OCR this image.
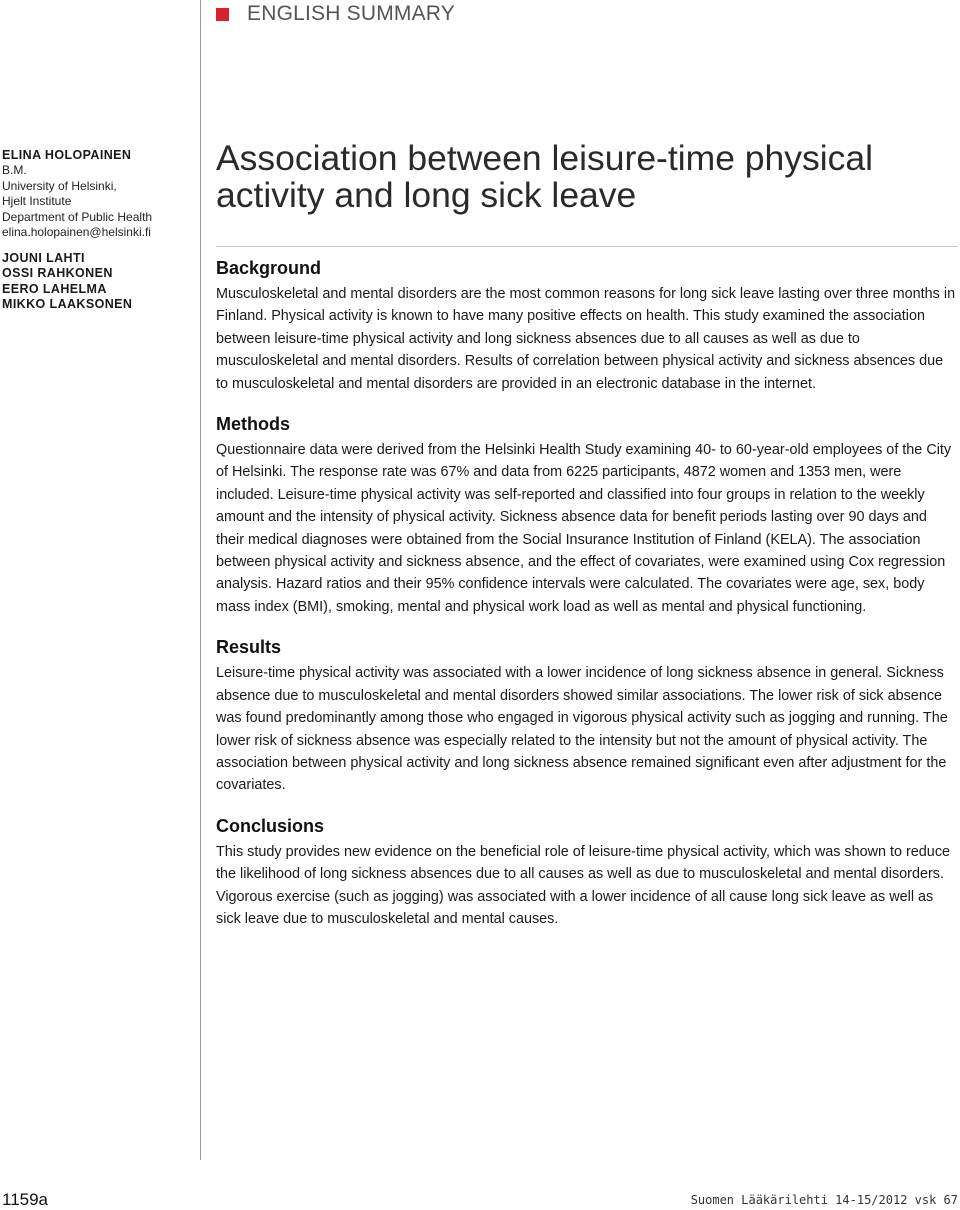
ENGLISH SUMMARY
ELINA HOLOPAINEN
B.M.
University of Helsinki,
Hjelt Institute
Department of Public Health
elina.holopainen@helsinki.fi
JOUNI LAHTI
OSSI RAHKONEN
EERO LAHELMA
MIKKO LAAKSONEN
Association between leisure-time physical activity and long sick leave
Background

Musculoskeletal and mental disorders are the most common reasons for long sick leave lasting over three months in Finland. Physical activity is known to have many positive effects on health. This study examined the association between leisure-time physical activity and long sickness absences due to all causes as well as due to musculoskeletal and mental disorders. Results of correlation between physical activity and sickness absences due to musculoskeletal and mental disorders are provided in an electronic database in the internet.

Methods

Questionnaire data were derived from the Helsinki Health Study examining 40- to 60-year-old employees of the City of Helsinki. The response rate was 67% and data from 6225 participants, 4872 women and 1353 men, were included. Leisure-time physical activity was self-reported and classified into four groups in relation to the weekly amount and the intensity of physical activity. Sickness absence data for benefit periods lasting over 90 days and their medical diagnoses were obtained from the Social Insurance Institution of Finland (KELA). The association between physical activity and sickness absence, and the effect of covariates, were examined using Cox regression analysis. Hazard ratios and their 95% confidence intervals were calculated. The covariates were age, sex, body mass index (BMI), smoking, mental and physical work load as well as mental and physical functioning.

Results

Leisure-time physical activity was associated with a lower incidence of long sickness absence in general. Sickness absence due to musculoskeletal and mental disorders showed similar associations. The lower risk of sick absence was found predominantly among those who engaged in vigorous physical activity such as jogging and running. The lower risk of sickness absence was especially related to the intensity but not the amount of physical activity. The association between physical activity and long sickness absence remained significant even after adjustment for the covariates.

Conclusions

This study provides new evidence on the beneficial role of leisure-time physical activity, which was shown to reduce the likelihood of long sickness absences due to all causes as well as due to musculoskeletal and mental disorders. Vigorous exercise (such as jogging) was associated with a lower incidence of all cause long sick leave as well as sick leave due to musculoskeletal and mental causes.

1159a	Suomen Lääkärilehti 14-15/2012 vsk 67
